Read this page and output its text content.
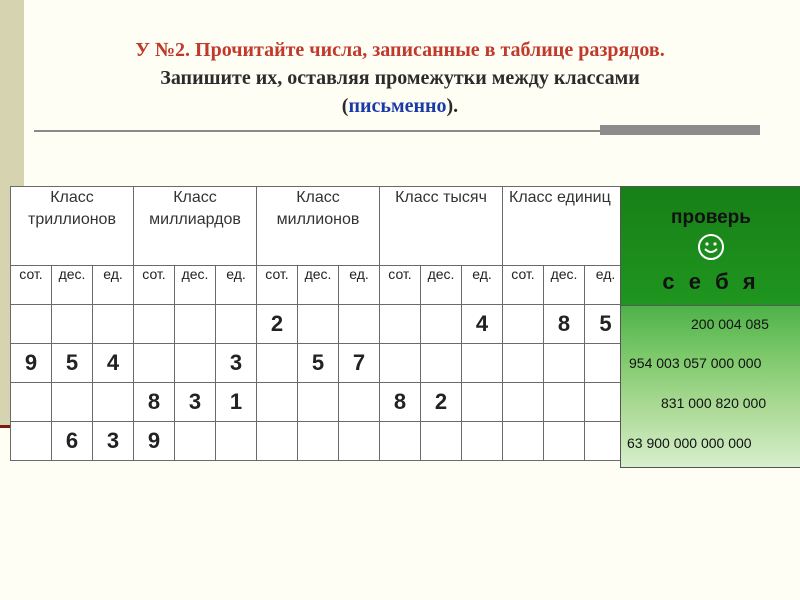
У №2. Прочитайте числа, записанные в таблице разрядов.
Запишите их, оставляя промежутки между классами
(письменно).
Класс триллионов			Класс миллиардов			Класс миллионов			Класс тысяч			Класс единиц		
сот.	дес.	ед.	сот.	дес.	ед.	сот.	дес.	ед.	сот.	дес.	ед.	сот.	дес.	ед.
						2					4		8	5
9	5	4			3		5	7						
			8	3	1				8	2				
	6	3	9											
проверь
с е б я
200 004 085
954 003 057 000 000
831 000 820 000
63 900 000 000 000
